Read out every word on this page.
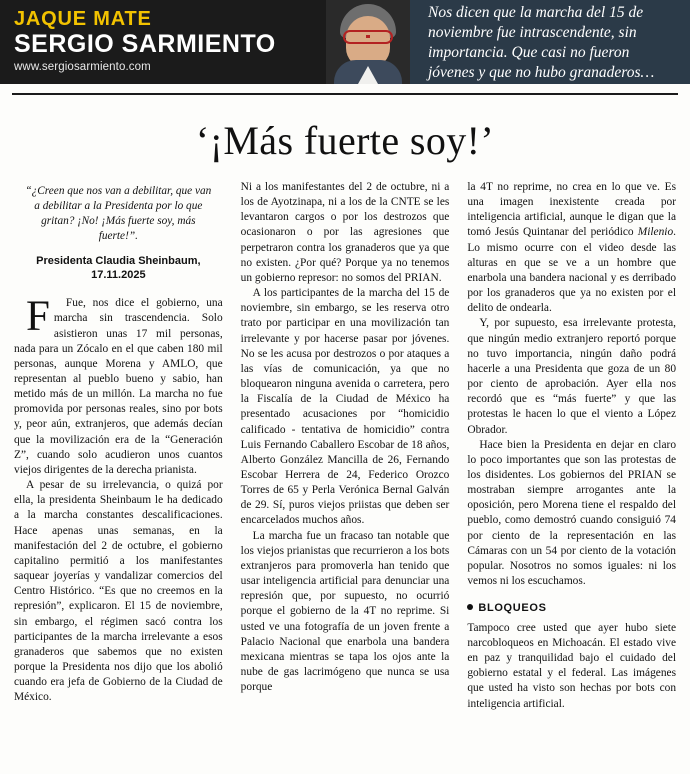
JAQUE MATE
SERGIO SARMIENTO
www.sergiosarmiento.com
Nos dicen que la marcha del 15 de noviembre fue intrascendente, sin importancia. Que casi no fueron jóvenes y que no hubo granaderos…
‘¡Más fuerte soy!’
“¿Creen que nos van a debilitar, que van a debilitar a la Presidenta por lo que gritan? ¡No! ¡Más fuerte soy, más fuerte!”.
Presidenta Claudia Sheinbaum,
17.11.2025

F	Fue, nos dice el gobierno, una marcha sin trascendencia. Solo asistieron unas 17 mil personas, nada para un Zócalo en el que caben 180 mil personas, aunque Morena y AMLO, que representan al pueblo bueno y sabio, han metido más de un millón. La marcha no fue promovida por personas reales, sino por bots y, peor aún, extranjeros, que además decían que la movilización era de la “Generación Z”, cuando solo acudieron unos cuantos viejos dirigentes de la derecha prianista.

A pesar de su irrelevancia, o quizá por ella, la presidenta Sheinbaum le ha dedicado a la marcha constantes descalificaciones. Hace apenas unas semanas, en la manifestación del 2 de octubre, el gobierno capitalino permitió a los manifestantes saquear joyerías y vandalizar comercios del Centro Histórico. “Es que no creemos en la represión”, explicaron. El 15 de noviembre, sin embargo, el régimen sacó contra los participantes de la marcha irrelevante a esos granaderos que sabemos que no existen porque la Presidenta nos dijo que los abolió cuando era jefa de Gobierno de la Ciudad de México.

Ni a los manifestantes del 2 de octubre, ni a los de Ayotzinapa, ni a los de la CNTE se les levantaron cargos o por los destrozos que ocasionaron o por las agresiones que perpetraron contra los granaderos que ya que no existen. ¿Por qué? Porque ya no tenemos un gobierno represor: no somos del PRIAN.

A los participantes de la marcha del 15 de noviembre, sin embargo, se les reserva otro trato por participar en una movilización tan irrelevante y por hacerse pasar por jóvenes. No se les acusa por destrozos o por ataques a las vías de comunicación, ya que no bloquearon ninguna avenida o carretera, pero la Fiscalía de la Ciudad de México ha presentado acusaciones por “homicidio calificado - tentativa de homicidio” contra Luis Fernando Caballero Escobar de 18 años, Alberto González Mancilla de 26, Fernando Escobar Herrera de 24, Federico Orozco Torres de 65 y Perla Verónica Bernal Galván de 29. Sí, puros viejos priistas que deben ser encarcelados muchos años.

La marcha fue un fracaso tan notable que los viejos prianistas que recurrieron a los bots extranjeros para promoverla han tenido que usar inteligencia artificial para denunciar una represión que, por supuesto, no ocurrió porque el gobierno de la 4T no reprime. Si usted ve una fotografía de un joven frente a Palacio Nacional que enarbola una bandera mexicana mientras se tapa los ojos ante la nube de gas lacrimógeno que nunca se usa porque

la 4T no reprime, no crea en lo que ve. Es una imagen inexistente creada por inteligencia artificial, aunque le digan que la tomó Jesús Quintanar del periódico Milenio. Lo mismo ocurre con el video desde las alturas en que se ve a un hombre que enarbola una bandera nacional y es derribado por los granaderos que ya no existen por el delito de ondearla.

Y, por supuesto, esa irrelevante protesta, que ningún medio extranjero reportó porque no tuvo importancia, ningún daño podrá hacerle a una Presidenta que goza de un 80 por ciento de aprobación. Ayer ella nos recordó que es “más fuerte” y que las protestas le hacen lo que el viento a López Obrador.

Hace bien la Presidenta en dejar en claro lo poco importantes que son las protestas de los disidentes. Los gobiernos del PRIAN se mostraban siempre arrogantes ante la oposición, pero Morena tiene el respaldo del pueblo, como demostró cuando consiguió 74 por ciento de la representación en las Cámaras con un 54 por ciento de la votación popular. Nosotros no somos iguales: ni los vemos ni los escuchamos.

BLOQUEOS

Tampoco cree usted que ayer hubo siete narcobloqueos en Michoacán. El estado vive en paz y tranquilidad bajo el cuidado del gobierno estatal y el federal. Las imágenes que usted ha visto son hechas por bots con inteligencia artificial.
